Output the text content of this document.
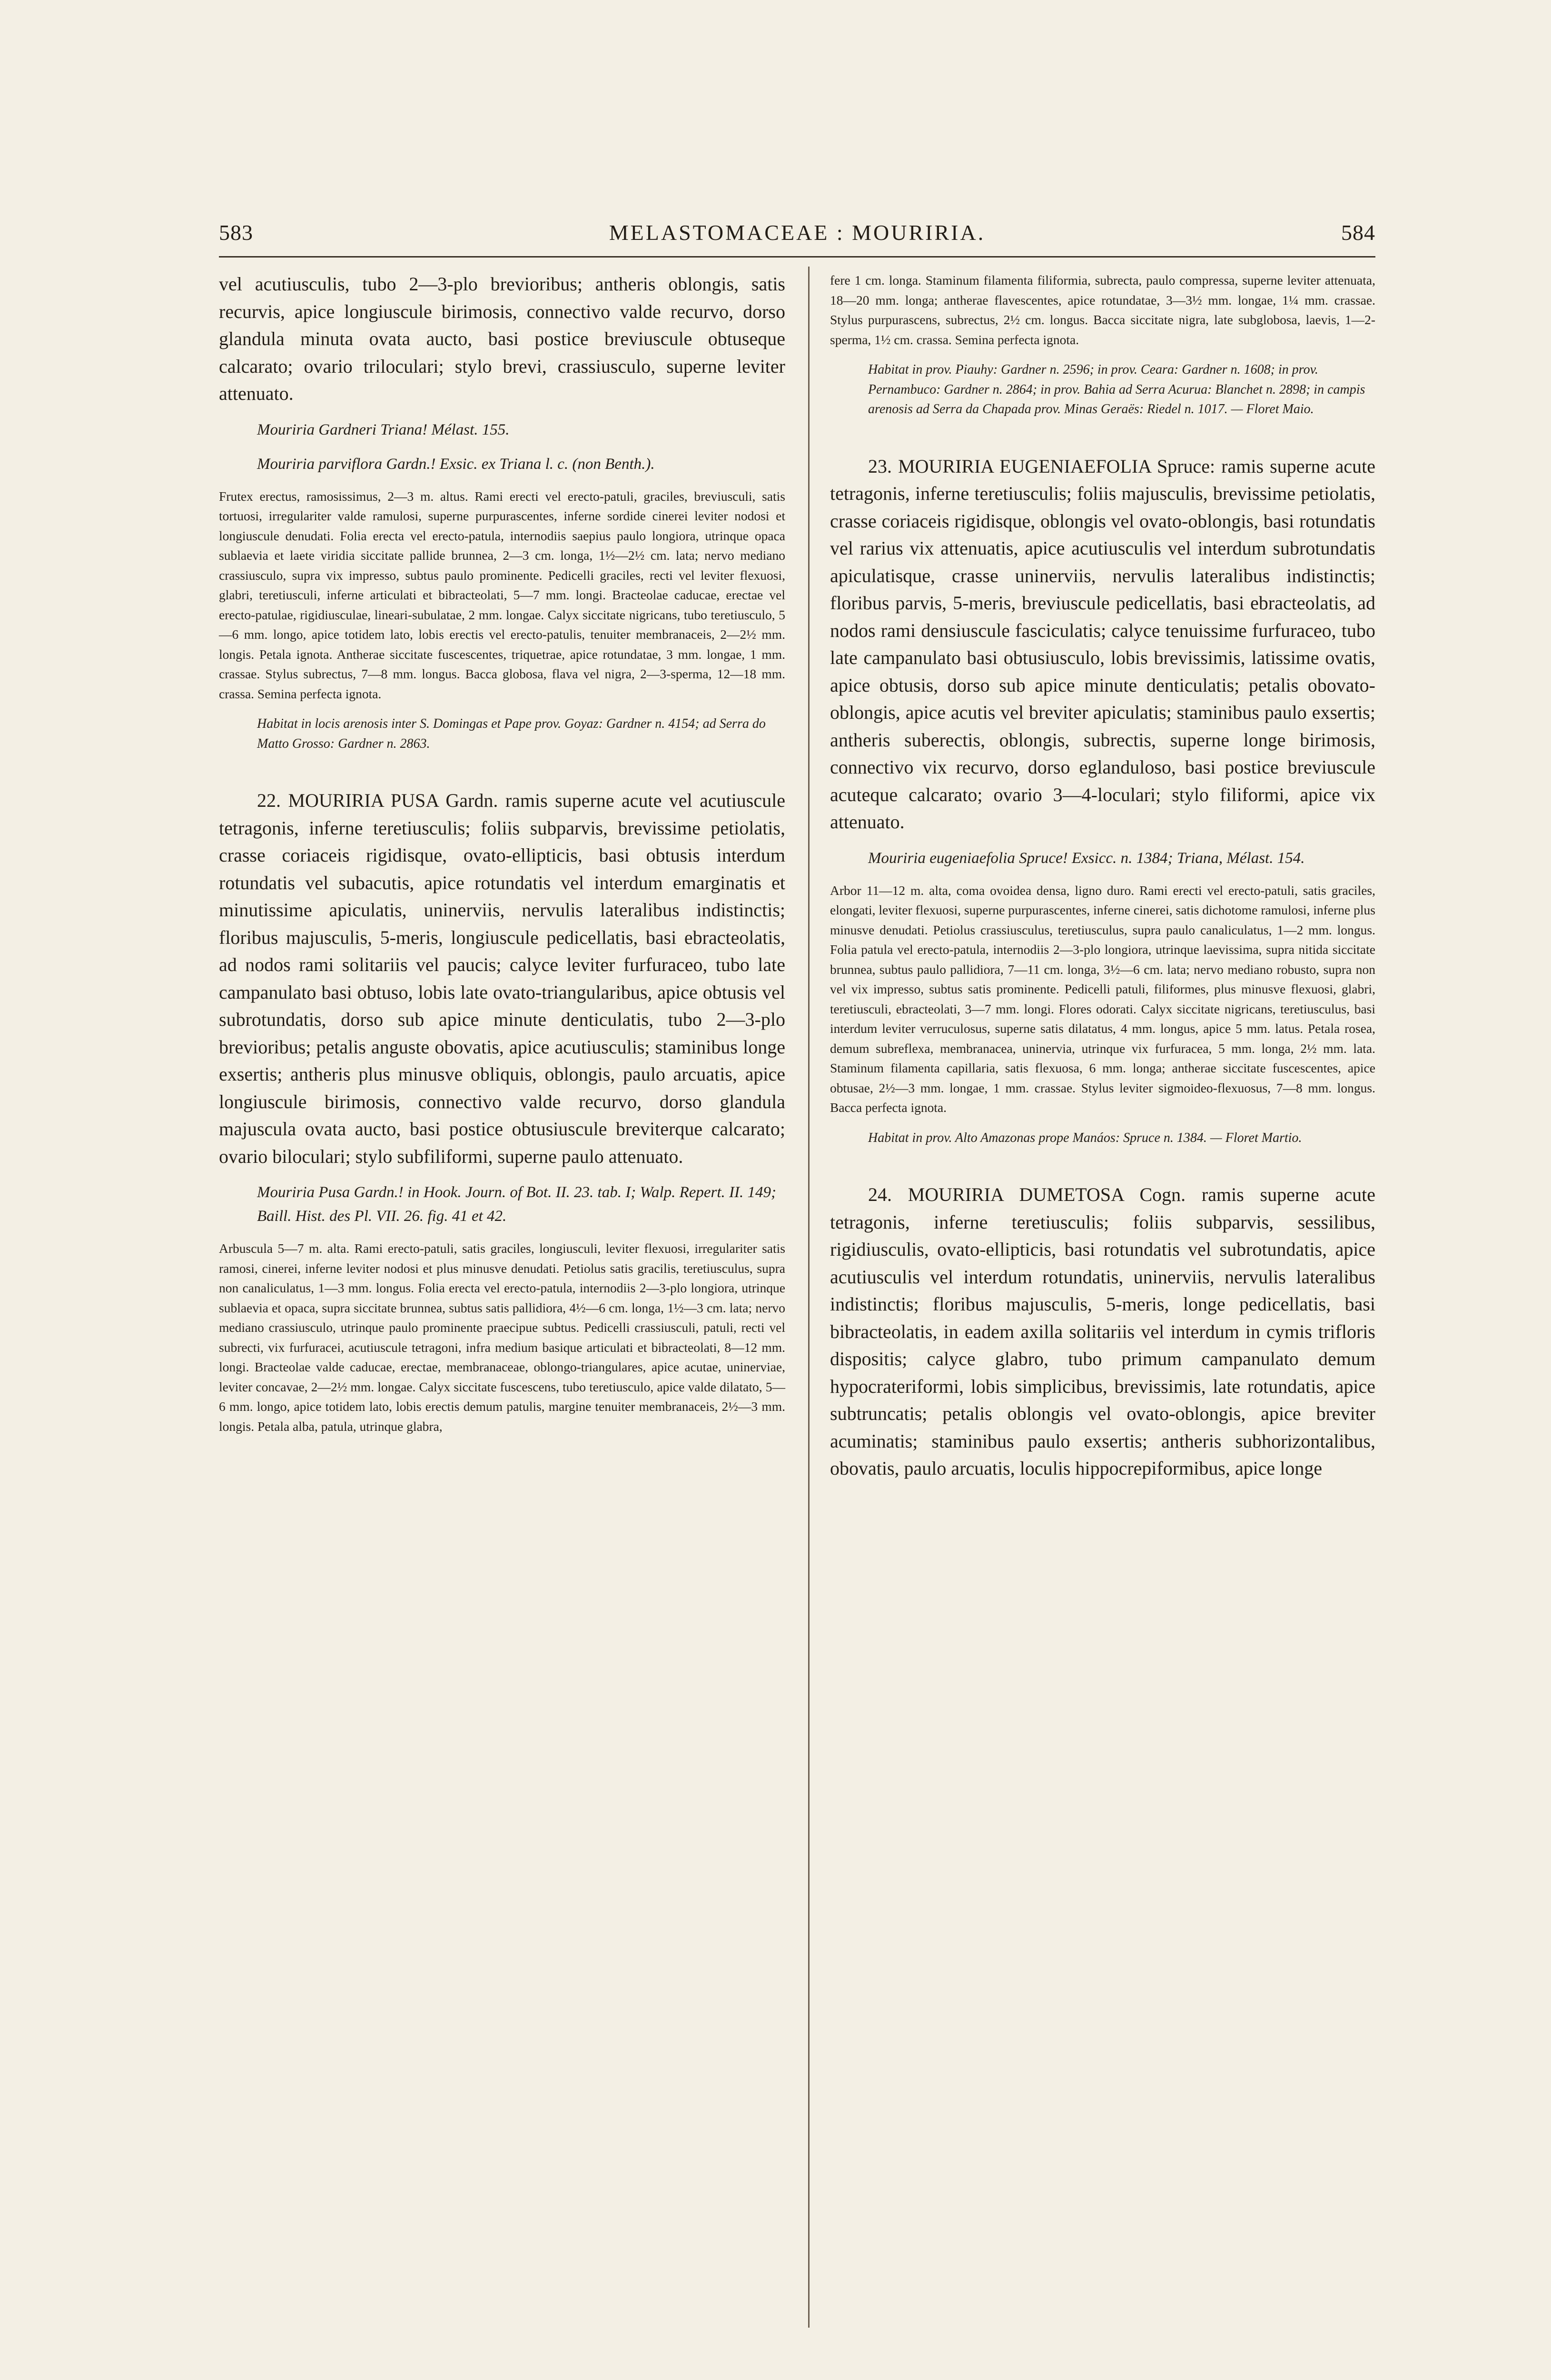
583	MELASTOMACEAE : MOURIRIA.	584

vel acutiusculis, tubo 2—3-plo brevioribus; antheris oblongis, satis recurvis, apice longiuscule birimosis, connectivo valde recurvo, dorso glandula minuta ovata aucto, basi postice breviuscule obtuseque calcarato; ovario triloculari; stylo brevi, crassiusculo, superne leviter attenuato.

Mouriria Gardneri Triana! Mélast. 155.

Mouriria parviflora Gardn.! Exsic. ex Triana l. c. (non Benth.).

Frutex erectus, ramosissimus, 2—3 m. altus. Rami erecti vel erecto-patuli, graciles, breviusculi, satis tortuosi, irregulariter valde ramulosi, superne purpurascentes, inferne sordide cinerei leviter nodosi et longiuscule denudati. Folia erecta vel erecto-patula, internodiis saepius paulo longiora, utrinque opaca sublaevia et laete viridia siccitate pallide brunnea, 2—3 cm. longa, 1½—2½ cm. lata; nervo mediano crassiusculo, supra vix impresso, subtus paulo prominente. Pedicelli graciles, recti vel leviter flexuosi, glabri, teretiusculi, inferne articulati et bibracteolati, 5—7 mm. longi. Bracteolae caducae, erectae vel erecto-patulae, rigidiusculae, lineari-subulatae, 2 mm. longae. Calyx siccitate nigricans, tubo teretiusculo, 5—6 mm. longo, apice totidem lato, lobis erectis vel erecto-patulis, tenuiter membranaceis, 2—2½ mm. longis. Petala ignota. Antherae siccitate fuscescentes, triquetrae, apice rotundatae, 3 mm. longae, 1 mm. crassae. Stylus subrectus, 7—8 mm. longus. Bacca globosa, flava vel nigra, 2—3-sperma, 12—18 mm. crassa. Semina perfecta ignota.

Habitat in locis arenosis inter S. Domingas et Pape prov. Goyaz: Gardner n. 4154; ad Serra do Matto Grosso: Gardner n. 2863.

22. MOURIRIA PUSA Gardn. ramis superne acute vel acutiuscule tetragonis, inferne teretiusculis; foliis subparvis, brevissime petiolatis, crasse coriaceis rigidisque, ovato-ellipticis, basi obtusis interdum rotundatis vel subacutis, apice rotundatis vel interdum emarginatis et minutissime apiculatis, uninerviis, nervulis lateralibus indistinctis; floribus majusculis, 5-meris, longiuscule pedicellatis, basi ebracteolatis, ad nodos rami solitariis vel paucis; calyce leviter furfuraceo, tubo late campanulato basi obtuso, lobis late ovato-triangularibus, apice obtusis vel subrotundatis, dorso sub apice minute denticulatis, tubo 2—3-plo brevioribus; petalis anguste obovatis, apice acutiusculis; staminibus longe exsertis; antheris plus minusve obliquis, oblongis, paulo arcuatis, apice longiuscule birimosis, connectivo valde recurvo, dorso glandula majuscula ovata aucto, basi postice obtusiuscule breviterque calcarato; ovario biloculari; stylo subfiliformi, superne paulo attenuato.

Mouriria Pusa Gardn.! in Hook. Journ. of Bot. II. 23. tab. I; Walp. Repert. II. 149; Baill. Hist. des Pl. VII. 26. fig. 41 et 42.

Arbuscula 5—7 m. alta. Rami erecto-patuli, satis graciles, longiusculi, leviter flexuosi, irregulariter satis ramosi, cinerei, inferne leviter nodosi et plus minusve denudati. Petiolus satis gracilis, teretiusculus, supra non canaliculatus, 1—3 mm. longus. Folia erecta vel erecto-patula, internodiis 2—3-plo longiora, utrinque sublaevia et opaca, supra siccitate brunnea, subtus satis pallidiora, 4½—6 cm. longa, 1½—3 cm. lata; nervo mediano crassiusculo, utrinque paulo prominente praecipue subtus. Pedicelli crassiusculi, patuli, recti vel subrecti, vix furfuracei, acutiuscule tetragoni, infra medium basique articulati et bibracteolati, 8—12 mm. longi. Bracteolae valde caducae, erectae, membranaceae, oblongo-triangulares, apice acutae, uninerviae, leviter concavae, 2—2½ mm. longae. Calyx siccitate fuscescens, tubo teretiusculo, apice valde dilatato, 5—6 mm. longo, apice totidem lato, lobis erectis demum patulis, margine tenuiter membranaceis, 2½—3 mm. longis. Petala alba, patula, utrinque glabra,

fere 1 cm. longa. Staminum filamenta filiformia, subrecta, paulo compressa, superne leviter attenuata, 18—20 mm. longa; antherae flavescentes, apice rotundatae, 3—3½ mm. longae, 1¼ mm. crassae. Stylus purpurascens, subrectus, 2½ cm. longus. Bacca siccitate nigra, late subglobosa, laevis, 1—2-sperma, 1½ cm. crassa. Semina perfecta ignota.

Habitat in prov. Piauhy: Gardner n. 2596; in prov. Ceara: Gardner n. 1608; in prov. Pernambuco: Gardner n. 2864; in prov. Bahia ad Serra Acurua: Blanchet n. 2898; in campis arenosis ad Serra da Chapada prov. Minas Geraës: Riedel n. 1017. — Floret Maio.

23. MOURIRIA EUGENIAEFOLIA Spruce: ramis superne acute tetragonis, inferne teretiusculis; foliis majusculis, brevissime petiolatis, crasse coriaceis rigidisque, oblongis vel ovato-oblongis, basi rotundatis vel rarius vix attenuatis, apice acutiusculis vel interdum subrotundatis apiculatisque, crasse uninerviis, nervulis lateralibus indistinctis; floribus parvis, 5-meris, breviuscule pedicellatis, basi ebracteolatis, ad nodos rami densiuscule fasciculatis; calyce tenuissime furfuraceo, tubo late campanulato basi obtusiusculo, lobis brevissimis, latissime ovatis, apice obtusis, dorso sub apice minute denticulatis; petalis obovato-oblongis, apice acutis vel breviter apiculatis; staminibus paulo exsertis; antheris suberectis, oblongis, subrectis, superne longe birimosis, connectivo vix recurvo, dorso eglanduloso, basi postice breviuscule acuteque calcarato; ovario 3—4-loculari; stylo filiformi, apice vix attenuato.

Mouriria eugeniaefolia Spruce! Exsicc. n. 1384; Triana, Mélast. 154.

Arbor 11—12 m. alta, coma ovoidea densa, ligno duro. Rami erecti vel erecto-patuli, satis graciles, elongati, leviter flexuosi, superne purpurascentes, inferne cinerei, satis dichotome ramulosi, inferne plus minusve denudati. Petiolus crassiusculus, teretiusculus, supra paulo canaliculatus, 1—2 mm. longus. Folia patula vel erecto-patula, internodiis 2—3-plo longiora, utrinque laevissima, supra nitida siccitate brunnea, subtus paulo pallidiora, 7—11 cm. longa, 3½—6 cm. lata; nervo mediano robusto, supra non vel vix impresso, subtus satis prominente. Pedicelli patuli, filiformes, plus minusve flexuosi, glabri, teretiusculi, ebracteolati, 3—7 mm. longi. Flores odorati. Calyx siccitate nigricans, teretiusculus, basi interdum leviter verruculosus, superne satis dilatatus, 4 mm. longus, apice 5 mm. latus. Petala rosea, demum subreflexa, membranacea, uninervia, utrinque vix furfuracea, 5 mm. longa, 2½ mm. lata. Staminum filamenta capillaria, satis flexuosa, 6 mm. longa; antherae siccitate fuscescentes, apice obtusae, 2½—3 mm. longae, 1 mm. crassae. Stylus leviter sigmoideo-flexuosus, 7—8 mm. longus. Bacca perfecta ignota.

Habitat in prov. Alto Amazonas prope Manáos: Spruce n. 1384. — Floret Martio.

24. MOURIRIA DUMETOSA Cogn. ramis superne acute tetragonis, inferne teretiusculis; foliis subparvis, sessilibus, rigidiusculis, ovato-ellipticis, basi rotundatis vel subrotundatis, apice acutiusculis vel interdum rotundatis, uninerviis, nervulis lateralibus indistinctis; floribus majusculis, 5-meris, longe pedicellatis, basi bibracteolatis, in eadem axilla solitariis vel interdum in cymis trifloris dispositis; calyce glabro, tubo primum campanulato demum hypocrateriformi, lobis simplicibus, brevissimis, late rotundatis, apice subtruncatis; petalis oblongis vel ovato-oblongis, apice breviter acuminatis; staminibus paulo exsertis; antheris subhorizontalibus, obovatis, paulo arcuatis, loculis hippocrepiformibus, apice longe
